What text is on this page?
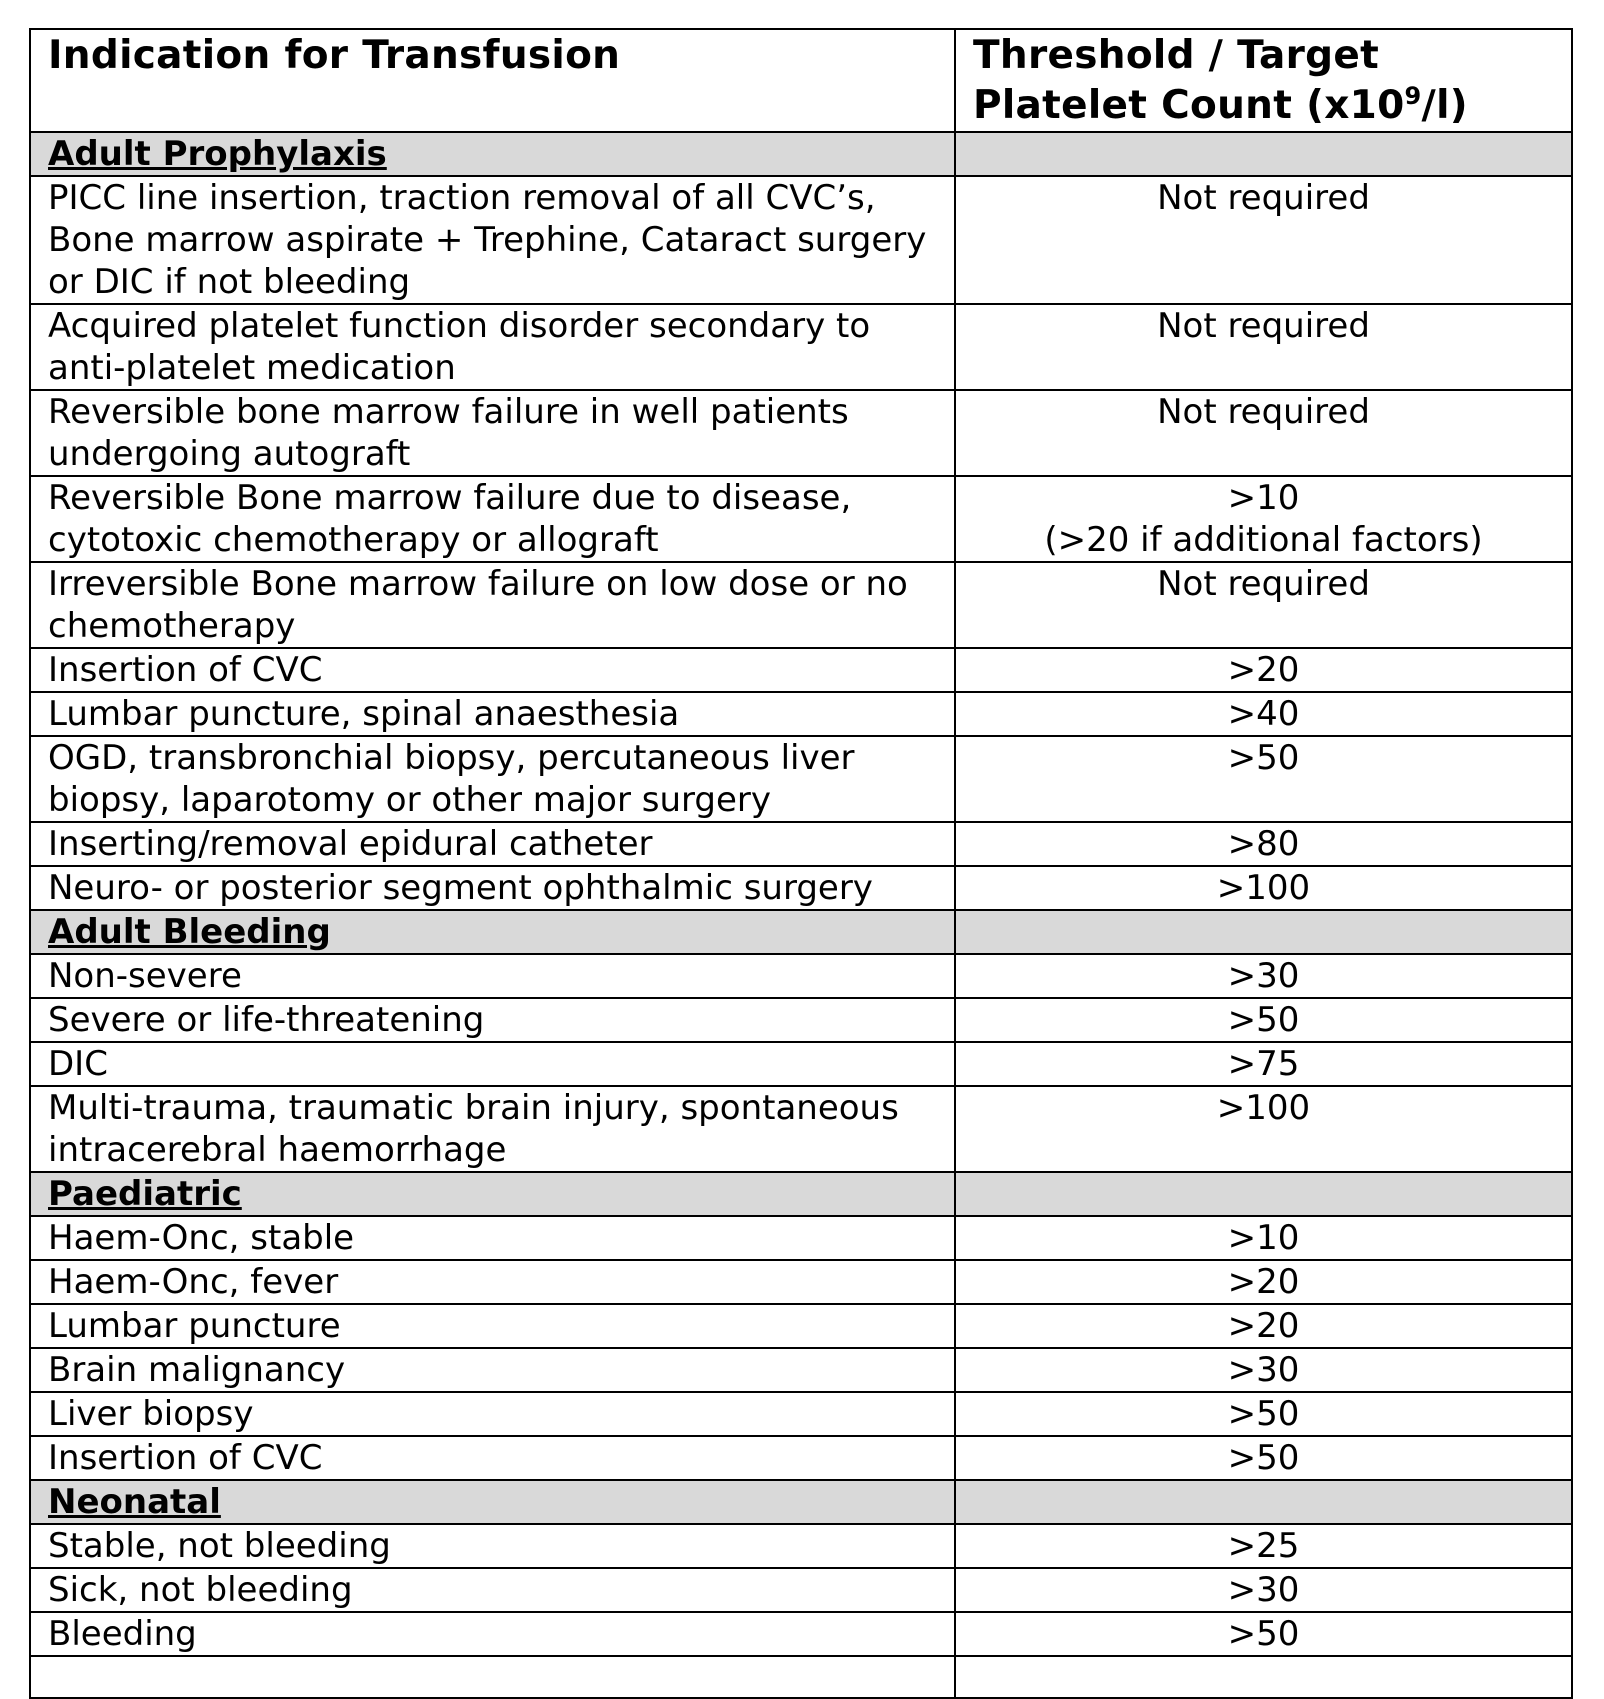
Indication for Transfusion	Threshold / Target
Platelet Count $(x10^9/l)$

Adult Prophylaxis	
PICC line insertion, traction removal of all CVC’s, Bone marrow aspirate + Trephine, Cataract surgery or DIC if not bleeding	Not required
Acquired platelet function disorder secondary to anti-platelet medication	Not required
Reversible bone marrow failure in well patients undergoing autograft	Not required
Reversible Bone marrow failure due to disease, cytotoxic chemotherapy or allograft	>10
(>20 if additional factors)

Irreversible Bone marrow failure on low dose or no chemotherapy	Not required
Insertion of CVC	>20
Lumbar puncture, spinal anaesthesia	>40
OGD, transbronchial biopsy, percutaneous liver biopsy, laparotomy or other major surgery	>50
Inserting/removal epidural catheter	>80
Neuro- or posterior segment ophthalmic surgery	>100
Adult Bleeding	
Non-severe	>30
Severe or life-threatening	>50
DIC	>75
Multi-trauma, traumatic brain injury, spontaneous intracerebral haemorrhage	>100
Paediatric	
Haem-Onc, stable	>10
Haem-Onc, fever	>20
Lumbar puncture	>20
Brain malignancy	>30
Liver biopsy	>50
Insertion of CVC	>50
Neonatal	
Stable, not bleeding	>25
Sick, not bleeding	>30
Bleeding	>50
